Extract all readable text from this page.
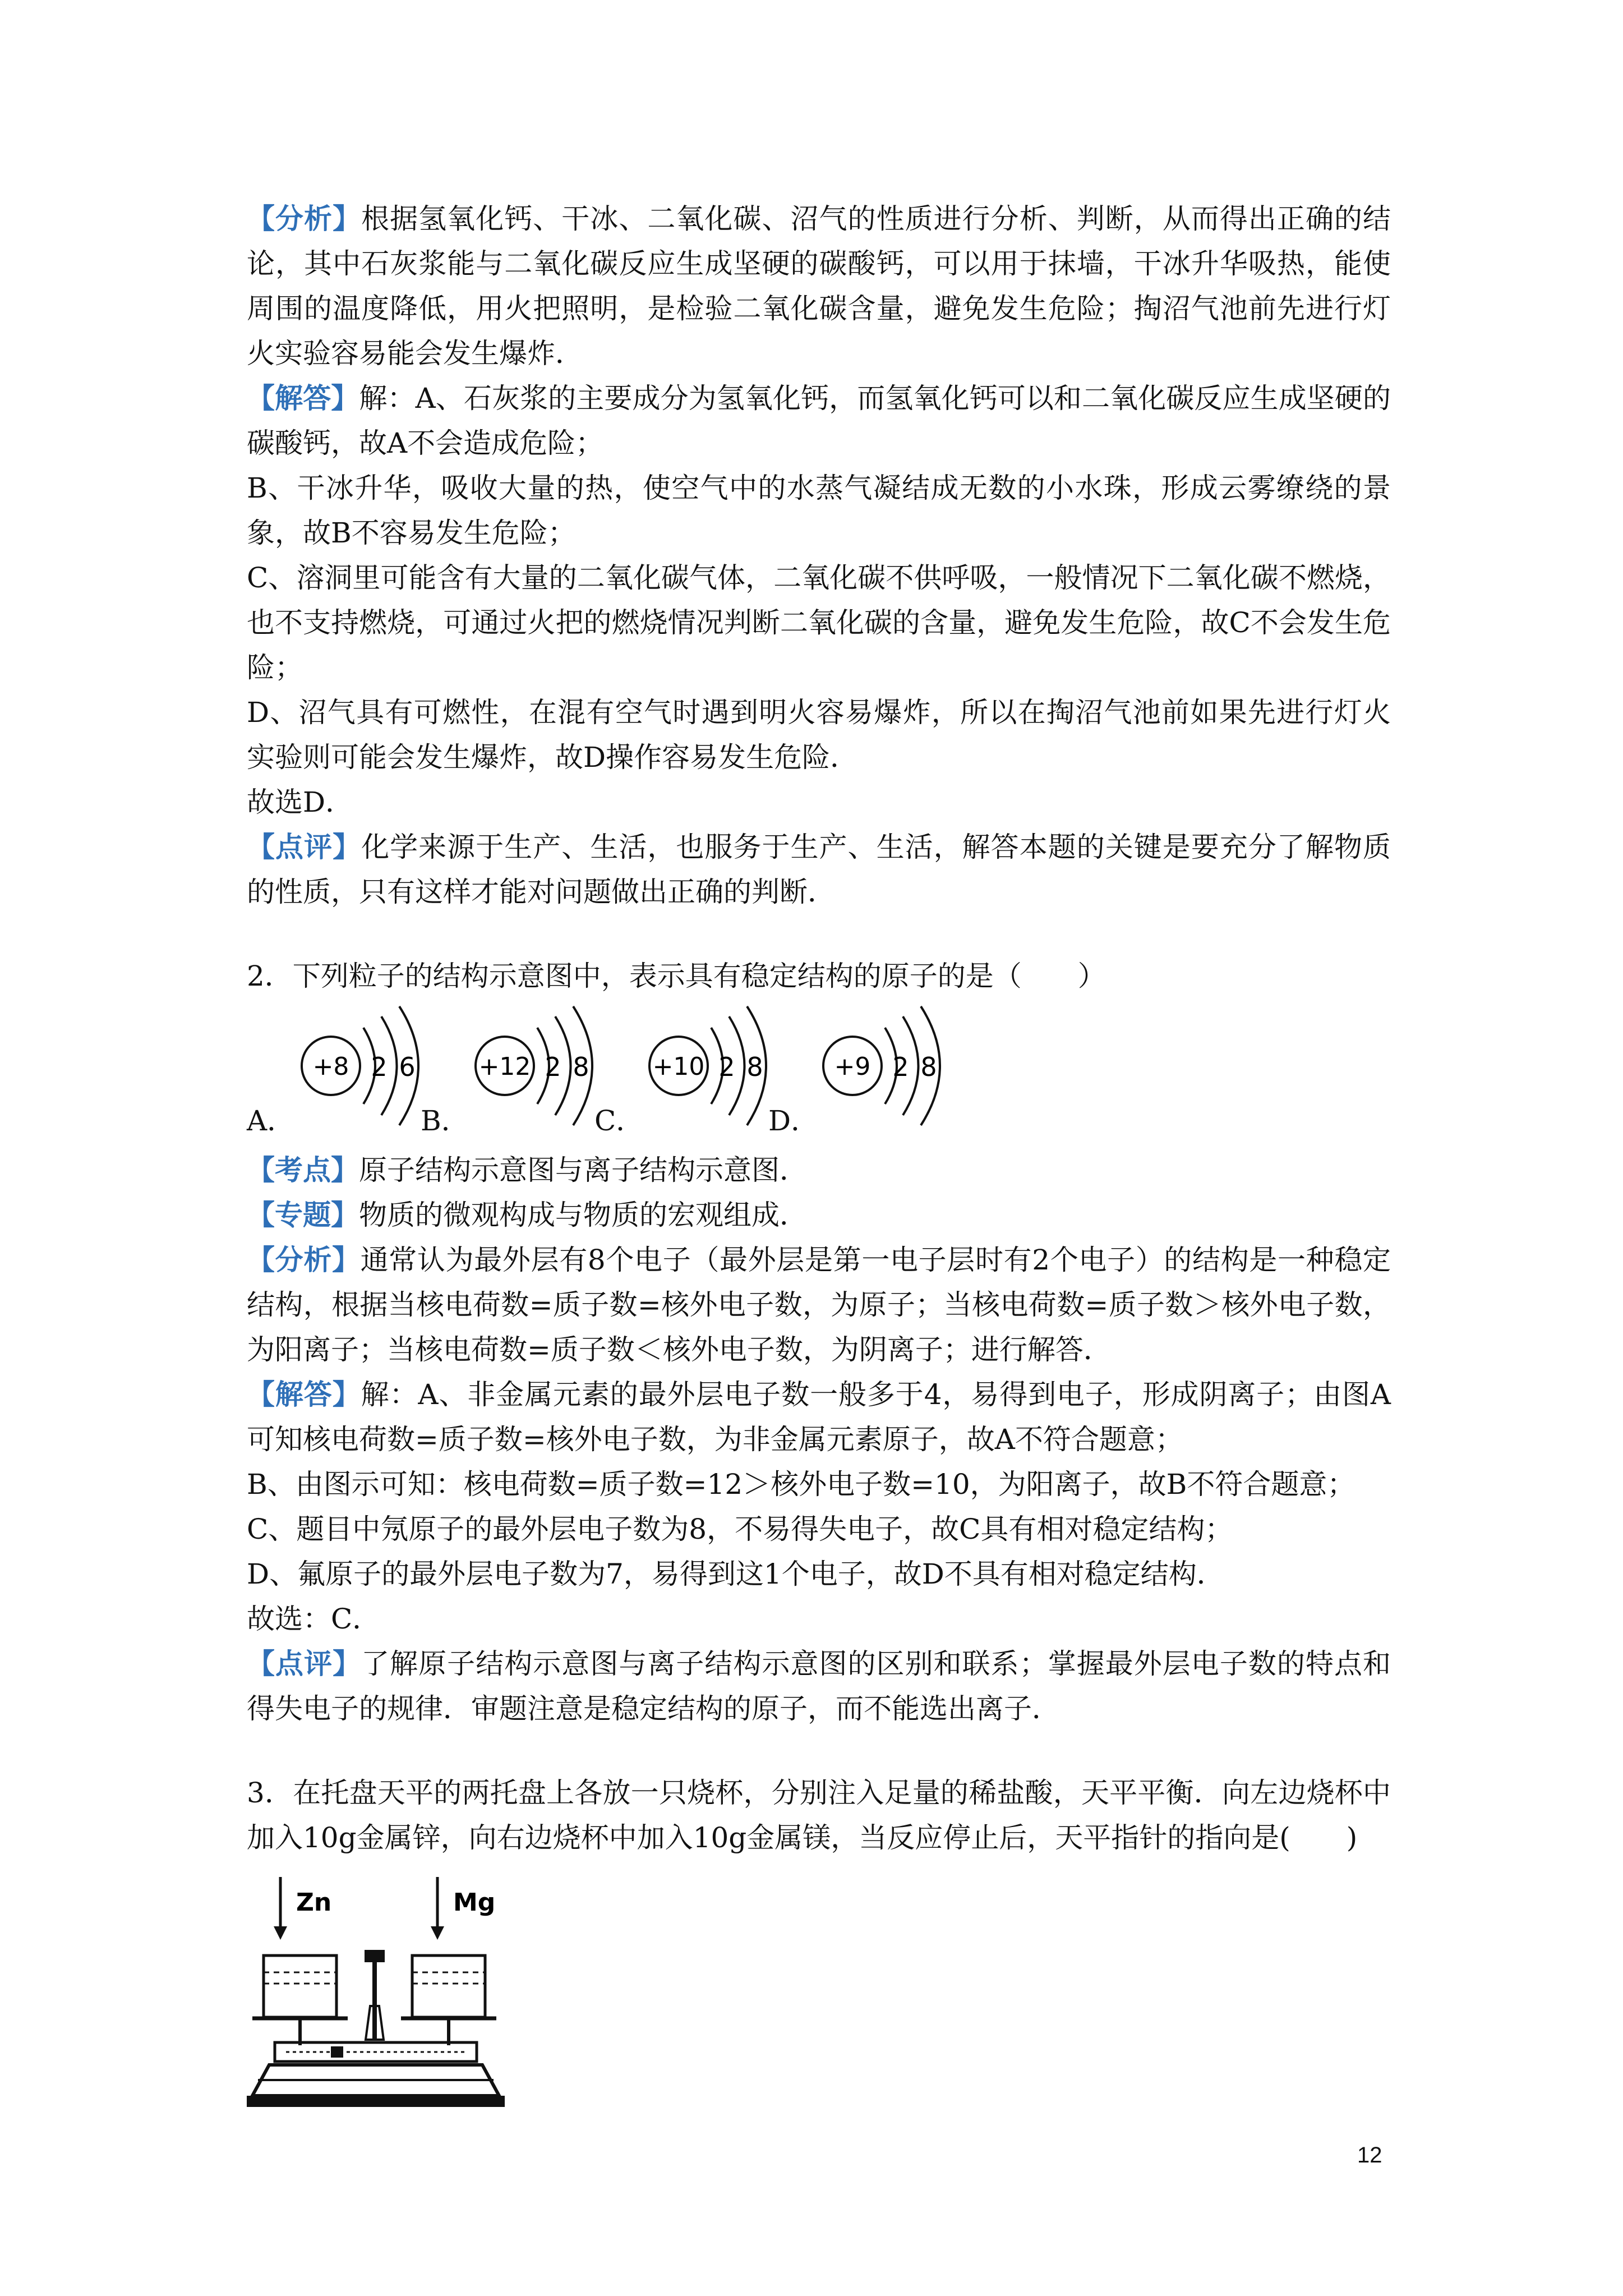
【分析】根据氢氧化钙、干冰、二氧化碳、沼气的性质进行分析、判断，从而得出正确的结论，其中石灰浆能与二氧化碳反应生成坚硬的碳酸钙，可以用于抹墙，干冰升华吸热，能使周围的温度降低，用火把照明，是检验二氧化碳含量，避免发生危险；掏沼气池前先进行灯火实验容易能会发生爆炸．

【解答】解：A、石灰浆的主要成分为氢氧化钙，而氢氧化钙可以和二氧化碳反应生成坚硬的碳酸钙，故A不会造成危险；

B、干冰升华，吸收大量的热，使空气中的水蒸气凝结成无数的小水珠，形成云雾缭绕的景象，故B不容易发生危险；

C、溶洞里可能含有大量的二氧化碳气体，二氧化碳不供呼吸，一般情况下二氧化碳不燃烧，也不支持燃烧，可通过火把的燃烧情况判断二氧化碳的含量，避免发生危险，故C不会发生危险；

D、沼气具有可燃性，在混有空气时遇到明火容易爆炸，所以在掏沼气池前如果先进行灯火实验则可能会发生爆炸，故D操作容易发生危险．

故选D．

【点评】化学来源于生产、生活，也服务于生产、生活，解答本题的关键是要充分了解物质的性质，只有这样才能对问题做出正确的判断．

2．下列粒子的结构示意图中，表示具有稳定结构的原子的是（　　）

A．
+8 2 6
B．
+12 2 8
C．
+10 2 8
D．
+9 2 8

【考点】原子结构示意图与离子结构示意图．

【专题】物质的微观构成与物质的宏观组成．

【分析】通常认为最外层有8个电子（最外层是第一电子层时有2个电子）的结构是一种稳定结构，根据当核电荷数=质子数=核外电子数，为原子；当核电荷数=质子数＞核外电子数，为阳离子；当核电荷数=质子数＜核外电子数，为阴离子；进行解答．

【解答】解：A、非金属元素的最外层电子数一般多于4，易得到电子，形成阴离子；由图A可知核电荷数=质子数=核外电子数，为非金属元素原子，故A不符合题意；

B、由图示可知：核电荷数=质子数=12＞核外电子数=10，为阳离子，故B不符合题意；

C、题目中氖原子的最外层电子数为8，不易得失电子，故C具有相对稳定结构；

D、氟原子的最外层电子数为7，易得到这1个电子，故D不具有相对稳定结构．

故选：C．

【点评】了解原子结构示意图与离子结构示意图的区别和联系；掌握最外层电子数的特点和得失电子的规律．审题注意是稳定结构的原子，而不能选出离子．

3．在托盘天平的两托盘上各放一只烧杯，分别注入足量的稀盐酸，天平平衡．向左边烧杯中加入10g金属锌，向右边烧杯中加入10g金属镁，当反应停止后，天平指针的指向是(　　)

Zn	Mg
12
